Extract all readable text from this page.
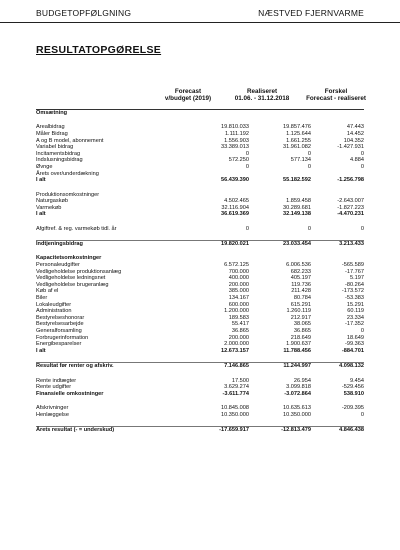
BUDGETOPFØLGNING	NÆSTVED FJERNVARME
RESULTATOPGØRELSE
Forecast
v/budget (2019)
Realiseret
01.06. - 31.12.2018
Forskel
Forecast - realiseret
Omsætning
Arealbidrag	19.810.033	19.857.476	47.443
Måler Bidrag	1.111.192	1.125.644	14.452
A og B model, abonnement	1.556.903	1.661.255	104.352
Variabel bidrag	33.389.013	31.961.082	-1.427.931
Incitamentsbidrag	0	0	0
Indslusningsbidrag	572.250	577.134	4.884
Øvnge	0	0	0
Årets over/underdækning
I alt	56.439.390	55.182.592	-1.256.798
Produktionsomkostninger
Naturgaskøb	4.502.465	1.859.458	-2.643.007
Varmekøb	32.116.904	30.289.681	-1.827.223
I alt	36.619.369	32.149.138	-4.470.231
Afgiftref. & reg. varmekøb tidl. år	0	0	0
Indtjeningsbidrag	19.820.021	23.033.454	3.213.433
Kapacitetsomkostninger
Personaleudgifter	6.572.125	6.006.536	-565.589
Vedligeholdelse produktionsanlæg	700.000	682.233	-17.767
Vedligeholdelse ledningsnet	400.000	405.197	5.197
Vedligeholdelse brugeranlæg	200.000	119.736	-80.264
Køb af el	385.000	211.428	-173.572
Biler	134.167	80.784	-53.383
Lokaleudgifter	600.000	615.291	15.291
Administration	1.200.000	1.260.119	60.119
Bestyrelseshonorar	189.583	212.917	23.334
Bestyrelsesarbejde	55.417	38.065	-17.352
Generalforsamling	36.865	36.865	0
Forbrugerinformation	200.000	218.649	18.649
Energibesparelser	2.000.000	1.900.637	-99.363
I alt	12.673.157	11.788.456	-884.701
Resultat før renter og afskriv.	7.146.865	11.244.997	4.098.132
Rente indtægter	17.500	26.954	9.454
Rente udgifter	3.629.274	3.099.818	-529.456
Finansielle omkostninger	-3.611.774	-3.072.864	538.910
Afskrivninger	10.845.008	10.635.613	-209.395
Henlæggelse	10.350.000	10.350.000	0
Årets resultat (- = underskud)	-17.659.917	-12.813.479	4.846.438
